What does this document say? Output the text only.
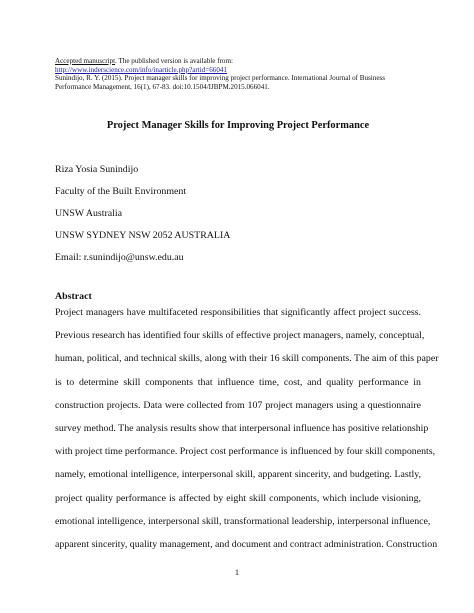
Accepted manuscript. The published version is available from:
http://www.inderscience.com/info/inarticle.php?artid=66041
Sunindijo, R. Y. (2015). Project manager skills for improving project performance. International Journal of Business
Performance Management, 16(1), 67-83. doi:10.1504/IJBPM.2015.066041.
Project Manager Skills for Improving Project Performance
Riza Yosia Sunindijo
Faculty of the Built Environment
UNSW Australia
UNSW SYDNEY NSW 2052 AUSTRALIA
Email: r.sunindijo@unsw.edu.au
Abstract
Project managers have multifaceted responsibilities that significantly affect project success.
Previous research has identified four skills of effective project managers, namely, conceptual,
human, political, and technical skills, along with their 16 skill components. The aim of this paper
is to determine skill components that influence time, cost, and quality performance in
construction projects. Data were collected from 107 project managers using a questionnaire
survey method. The analysis results show that interpersonal influence has positive relationship
with project time performance. Project cost performance is influenced by four skill components,
namely, emotional intelligence, interpersonal skill, apparent sincerity, and budgeting. Lastly,
project quality performance is affected by eight skill components, which include visioning,
emotional intelligence, interpersonal skill, transformational leadership, interpersonal influence,
apparent sincerity, quality management, and document and contract administration. Construction
1
